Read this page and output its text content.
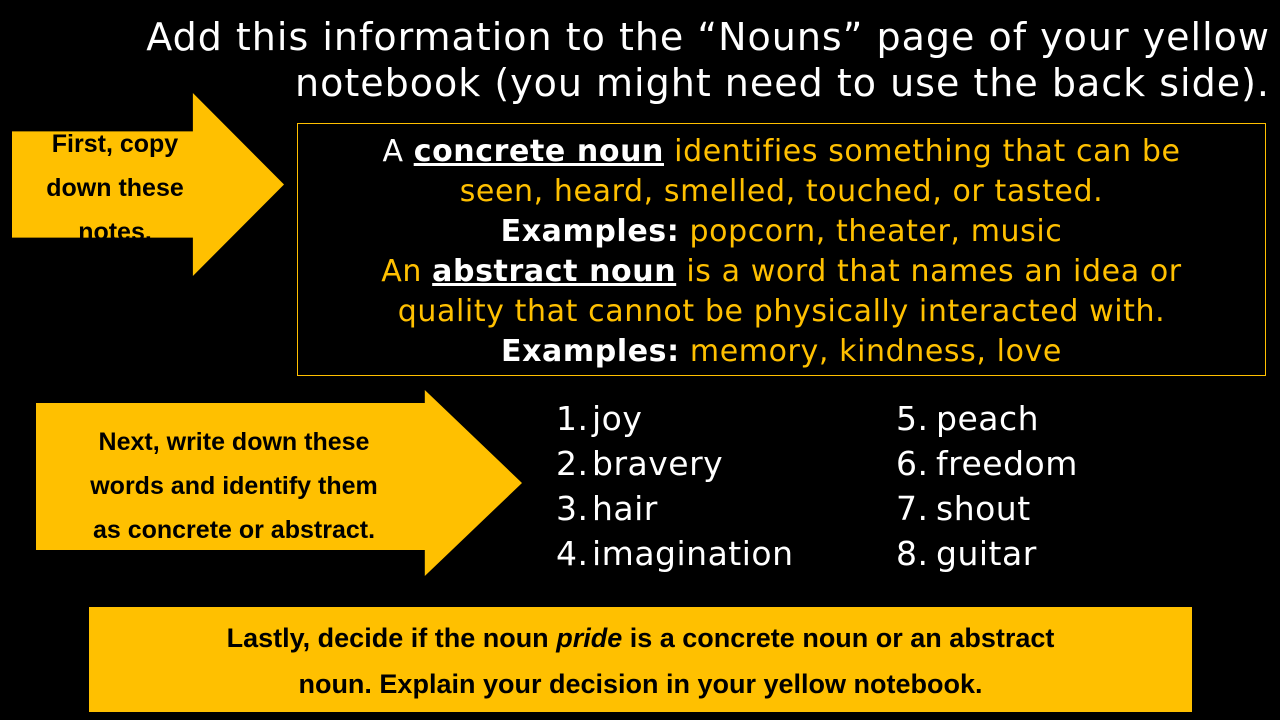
Add this information to the “Nouns” page of your yellow
notebook (you might need to use the back side).
First, copy
down these
notes.
A concrete noun identifies something that can be
seen, heard, smelled, touched, or tasted.
Examples: popcorn, theater, music
An abstract noun is a word that names an idea or
quality that cannot be physically interacted with.
Examples: memory, kindness, love
Next, write down these
words and identify them
as concrete or abstract.
1. joy
2. bravery
3. hair
4. imagination
5. peach
6. freedom
7. shout
8. guitar
Lastly, decide if the noun pride is a concrete noun or an abstract
noun. Explain your decision in your yellow notebook.
